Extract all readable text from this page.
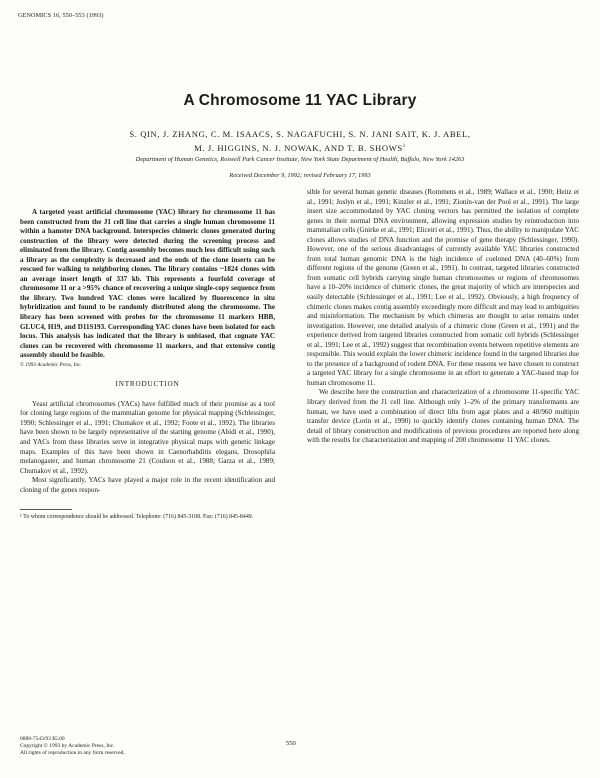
GENOMICS 16, 550–553 (1993)
A Chromosome 11 YAC Library
S. QIN, J. ZHANG, C. M. ISAACS, S. NAGAFUCHI, S. N. JANI SAIT, K. J. ABEL,
M. J. HIGGINS, N. J. NOWAK, AND T. B. SHOWS$^1$
Department of Human Genetics, Roswell Park Cancer Institute, New York State Department of Health, Buffalo, New York 14263
Received December 9, 1992; revised February 17, 1993

A targeted yeast artificial chromosome (YAC) library for chromosome 11 has been constructed from the J1 cell line that carries a single human chromosome 11 within a hamster DNA background. Interspecies chimeric clones generated during construction of the library were detected during the screening process and eliminated from the library. Contig assembly becomes much less difficult using such a library as the complexity is decreased and the ends of the clone inserts can be rescued for walking to neighboring clones. The library contains ~1824 clones with an average insert length of 337 kb. This represents a fourfold coverage of chromosome 11 or a >95% chance of recovering a unique single-copy sequence from the library. Two hundred YAC clones were localized by fluorescence in situ hybridization and found to be randomly distributed along the chromosome. The library has been screened with probes for the chromosome 11 markers HBB, GLUC4, H19, and D11S193. Corresponding YAC clones have been isolated for each locus. This analysis has indicated that the library is unbiased, that cognate YAC clones can be recovered with chromosome 11 markers, and that extensive contig assembly should be feasible.

© 1993 Academic Press, Inc.

INTRODUCTION

Yeast artificial chromosomes (YACs) have fulfilled much of their promise as a tool for cloning large regions of the mammalian genome for physical mapping (Schlessinger, 1990; Schlessinger et al., 1991; Chumakov et al., 1992; Foote et al., 1992). The libraries have been shown to be largely representative of the starting genome (Abidi et al., 1990), and YACs from these libraries serve in integrative physical maps with genetic linkage maps. Examples of this have been shown in Caenorhabditis elegans, Drosophila melanogaster, and human chromosome 21 (Coulson et al., 1988; Garza et al., 1989; Chumakov et al., 1992).

Most significantly, YACs have played a major role in the recent identification and cloning of the genes respon-

¹ To whom correspondence should be addressed. Telephone: (716) 845-3108. Fax: (716) 845-8449.

sible for several human genetic diseases (Rommens et al., 1989; Wallace et al., 1990; Heitz et al., 1991; Joslyn et al., 1991; Kinzler et al., 1991; Zionin-van der Pool et al., 1991). The large insert size accommodated by YAC cloning vectors has permitted the isolation of complete genes in their normal DNA environment, allowing expression studies by reintroduction into mammalian cells (Gnirke et al., 1991; Eliceiri et al., 1991). Thus, the ability to manipulate YAC clones allows studies of DNA function and the promise of gene therapy (Schlessinger, 1990). However, one of the serious disadvantages of currently available YAC libraries constructed from total human genomic DNA is the high incidence of coeloned DNA (40–60%) from different regions of the genome (Green et al., 1991). In contrast, targeted libraries constructed from somatic cell hybrids carrying single human chromosomes or regions of chromosomes have a 10–20% incidence of chimeric clones, the great majority of which are interspecies and easily detectable (Schlessinger et al., 1991; Lee et al., 1992). Obviously, a high frequency of chimeric clones makes contig assembly exceedingly more difficult and may lead to ambiguities and misinformation. The mechanism by which chimeras are thought to arise remains under investigation. However, one detailed analysis of a chimeric clone (Green et al., 1991) and the experience derived from targeted libraries constructed from somatic cell hybrids (Schlessinger et al., 1991; Lee et al., 1992) suggest that recombination events between repetitive elements are responsible. This would explain the lower chimeric incidence found in the targeted libraries due to the presence of a background of rodent DNA. For these reasons we have chosen to construct a targeted YAC library for a single chromosome in an effort to generate a YAC-based map for human chromosome 11.

We describe here the construction and characterization of a chromosome 11-specific YAC library derived from the J1 cell line. Although only 1–2% of the primary transformants are human, we have used a combination of direct lifts from agar plates and a 48/960 multipin transfer device (Lorin et al., 1990) to quickly identify clones containing human DNA. The detail of library construction and modifications of previous procedures are reported here along with the results for characterization and mapping of 200 chromosome 11 YAC clones.

0888-7543/93 $5.00
Copyright © 1993 by Academic Press, Inc.
All rights of reproduction in any form reserved.
550
